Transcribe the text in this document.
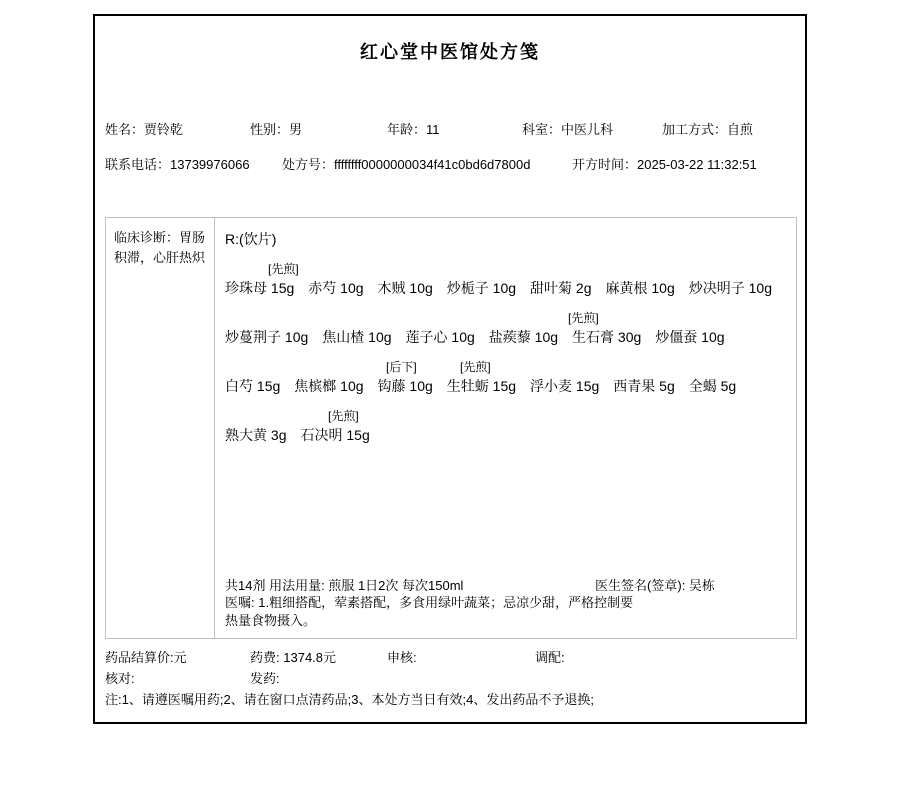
红心堂中医馆处方笺
姓名：贾铃乾	性别：男	年龄：11	科室：中医儿科	加工方式：自煎
联系电话：13739976066 处方号：ffffffff0000000034f41c0bd6d7800d	开方时间：2025-03-22 11:32:51
临床诊断：胃肠积滞，心肝热炽
R:(饮片)
[先煎]
珍珠母 15g 赤芍 10g 木贼 10g 炒栀子 10g 甜叶菊 2g 麻黄根 10g 炒决明子 10g
[先煎]
炒蔓荆子 10g 焦山楂 10g 莲子心 10g 盐蒺藜 10g 生石膏 30g 炒僵蚕 10g
[后下]	[先煎]
白芍 15g 焦槟榔 10g 钩藤 10g 生牡蛎 15g 浮小麦 15g 西青果 5g 全蝎 5g
[先煎]
熟大黄 3g 石决明 15g
共14剂 用法用量: 煎服 1日2次 每次150ml	医生签名(签章): 吴栋
医嘱: 1.粗细搭配，荤素搭配，多食用绿叶蔬菜；忌凉少甜，严格控制要热量食物摄入。
药品结算价:元	药费: 1374.8元	申核:	调配:
核对:	发药:
注:1、请遵医嘱用药;2、请在窗口点清药品;3、本处方当日有效;4、发出药品不予退换;
